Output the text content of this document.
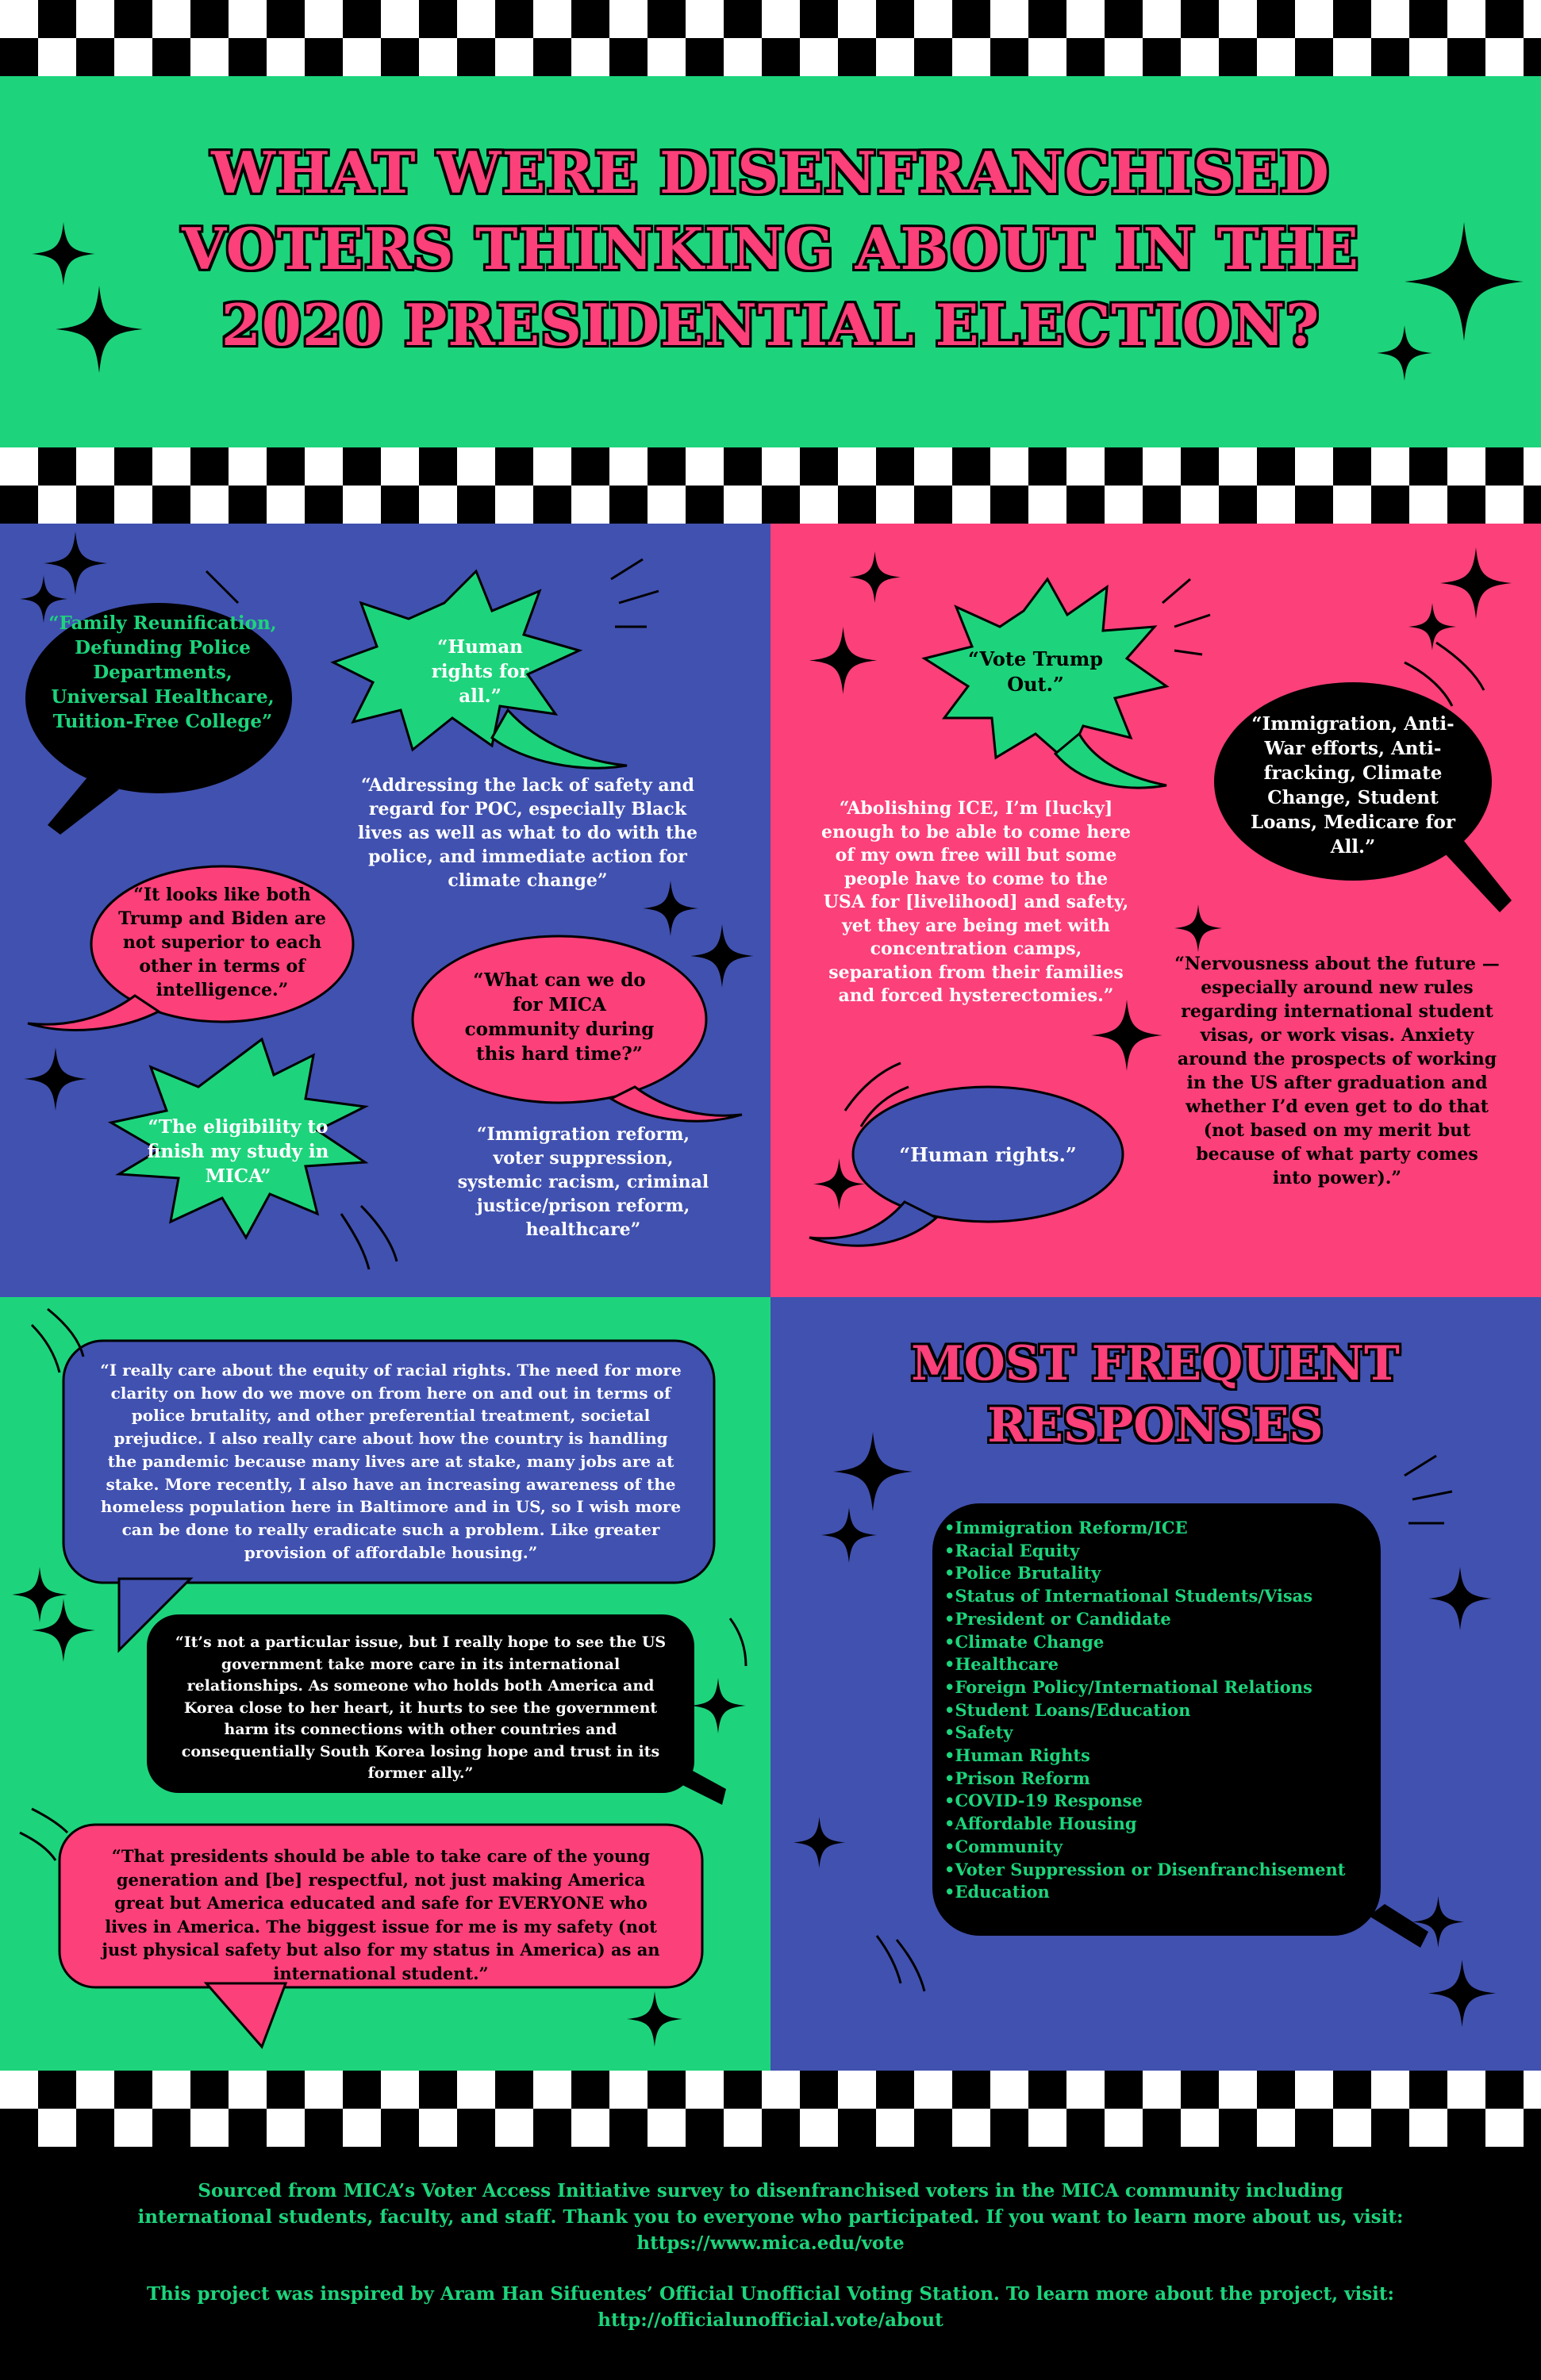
WHAT WERE DISENFRANCHISED
VOTERS THINKING ABOUT IN THE
2020 PRESIDENTIAL ELECTION?
“Family Reunification, Defunding Police Departments, Universal Healthcare, Tuition-Free College”
“Human rights for all.”
“Addressing the lack of safety and regard for POC, especially Black lives as well as what to do with the police, and immediate action for climate change”
“It looks like both Trump and Biden are not superior to each other in terms of intelligence.”	“What can we do for MICA community during this hard time?”
“The eligibility to finish my study in MICA”
“Immigration reform, voter suppression, systemic racism, criminal justice/prison reform, healthcare”
“Vote Trump Out.”
“Immigration, Anti-War efforts, Anti-fracking, Climate Change, Student Loans, Medicare for All.”
“Abolishing ICE, I’m [lucky] enough to be able to come here of my own free will but some people have to come to the USA for [livelihood] and safety, yet they are being met with concentration camps, separation from their families and forced hysterectomies.”
“Nervousness about the future — especially around new rules regarding international student visas, or work visas. Anxiety around the prospects of working in the US after graduation and whether I’d even get to do that (not based on my merit but because of what party comes into power).”
“Human rights.”
“I really care about the equity of racial rights. The need for more clarity on how do we move on from here on and out in terms of police brutality, and other preferential treatment, societal prejudice. I also really care about how the country is handling the pandemic because many lives are at stake, many jobs are at stake. More recently, I also have an increasing awareness of the homeless population here in Baltimore and in US, so I wish more can be done to really eradicate such a problem. Like greater provision of affordable housing.”
“It’s not a particular issue, but I really hope to see the US government take more care in its international relationships. As someone who holds both America and Korea close to her heart, it hurts to see the government harm its connections with other countries and consequentially South Korea losing hope and trust in its former ally.”
“That presidents should be able to take care of the young generation and [be] respectful, not just making America great but America educated and safe for EVERYONE who lives in America. The biggest issue for me is my safety (not just physical safety but also for my status in America) as an international student.”
MOST FREQUENT
RESPONSES
• Immigration Reform/ICE
• Racial Equity
• Police Brutality
• Status of International Students/Visas
• President or Candidate
• Climate Change
• Healthcare
• Foreign Policy/International Relations
• Student Loans/Education
• Safety
• Human Rights
• Prison Reform
• COVID-19 Response
• Affordable Housing
• Community
• Voter Suppression or Disenfranchisement
• Education
Sourced from MICA’s Voter Access Initiative survey to disenfranchised voters in the MICA community including
international students, faculty, and staff. Thank you to everyone who participated. If you want to learn more about us, visit:
https://www.mica.edu/vote
This project was inspired by Aram Han Sifuentes’ Official Unofficial Voting Station. To learn more about the project, visit:
http://officialunofficial.vote/about
